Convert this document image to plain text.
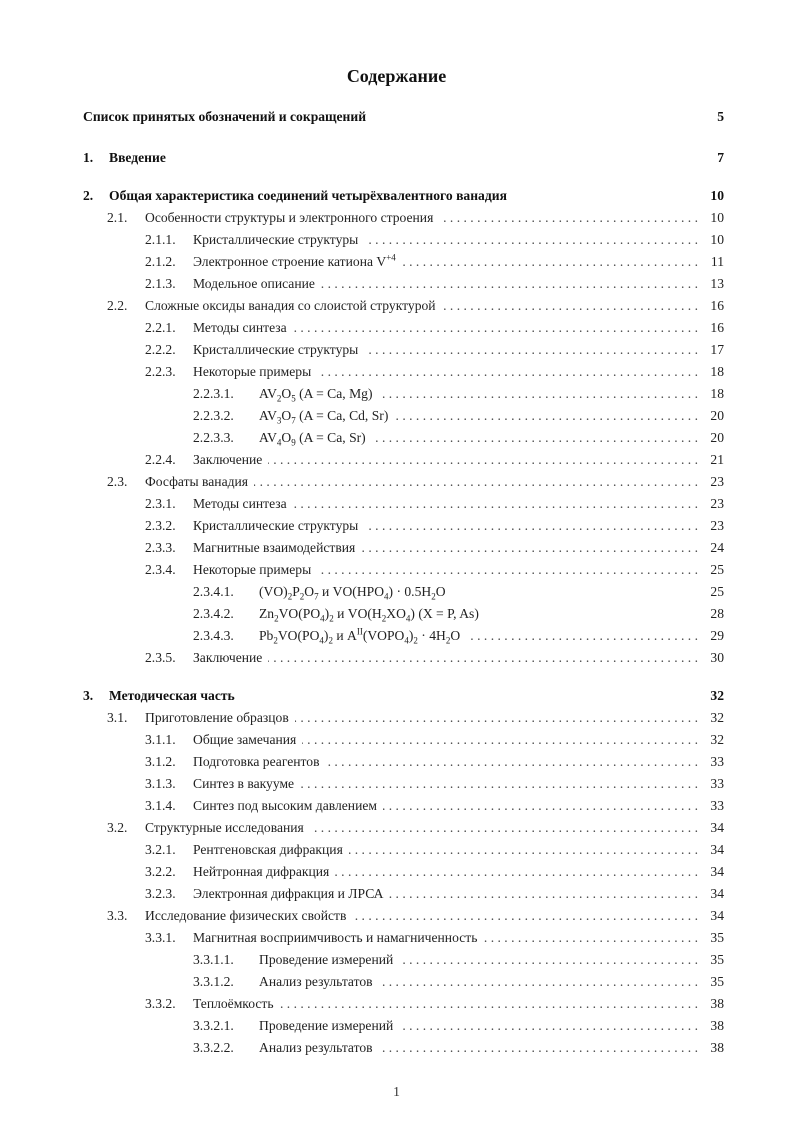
Содержание
Список принятых обозначений и сокращений	5
1.	Введение	7
2.	Общая характеристика соединений четырёхвалентного ванадия	10
2.1.	Особенности структуры и электронного строения . . .	10
2.1.1.	Кристаллические структуры . . .	10
2.1.2.	Электронное строение катиона $V^{+4}$ . . .	11
2.1.3.	Модельное описание . . .	13
2.2.	Сложные оксиды ванадия со слоистой структурой . . .	16
2.2.1.	Методы синтеза . . .	16
2.2.2.	Кристаллические структуры . . .	17
2.2.3.	Некоторые примеры . . .	18
2.2.3.1.	$AV_2O_5$ (A = Ca, Mg) . . .	18
2.2.3.2.	$AV_3O_7$ (A = Ca, Cd, Sr) . . .	20
2.2.3.3.	$AV_4O_9$ (A = Ca, Sr) . . .	20
2.2.4.	Заключение . . .	21
2.3.	Фосфаты ванадия . . .	23
2.3.1.	Методы синтеза . . .	23
2.3.2.	Кристаллические структуры . . .	23
2.3.3.	Магнитные взаимодействия . . .	24
2.3.4.	Некоторые примеры . . .	25
2.3.4.1.	$(VO)_2P_2O_7$ и $VO(HPO_4) \cdot 0.5H_2O$	25
2.3.4.2.	$Zn_2VO(PO_4)_2$ и $VO(H_2XO_4) (X = P$, As)	28
2.3.4.3.	$Pb_2VO(PO_4)_2$ и $A^{II}(VOPO_4)_2 \cdot 4H_2O$ . . .	29
2.3.5.	Заключение . . .	30
3.	Методическая часть	32
3.1.	Приготовление образцов . . .	32
3.1.1.	Общие замечания . . .	32
3.1.2.	Подготовка реагентов . . .	33
3.1.3.	Синтез в вакууме . . .	33
3.1.4.	Синтез под высоким давлением . . .	33
3.2.	Структурные исследования . . .	34
3.2.1.	Рентгеновская дифракция . . .	34
3.2.2.	Нейтронная дифракция . . .	34
3.2.3.	Электронная дифракция и ЛРСА . . .	34
3.3.	Исследование физических свойств . . .	34
3.3.1.	Магнитная восприимчивость и намагниченность . . .	35
3.3.1.1.	Проведение измерений . . .	35
3.3.1.2.	Анализ результатов . . .	35
3.3.2.	Теплоёмкость . . .	38
3.3.2.1.	Проведение измерений . . .	38
3.3.2.2.	Анализ результатов . . .	38
1
